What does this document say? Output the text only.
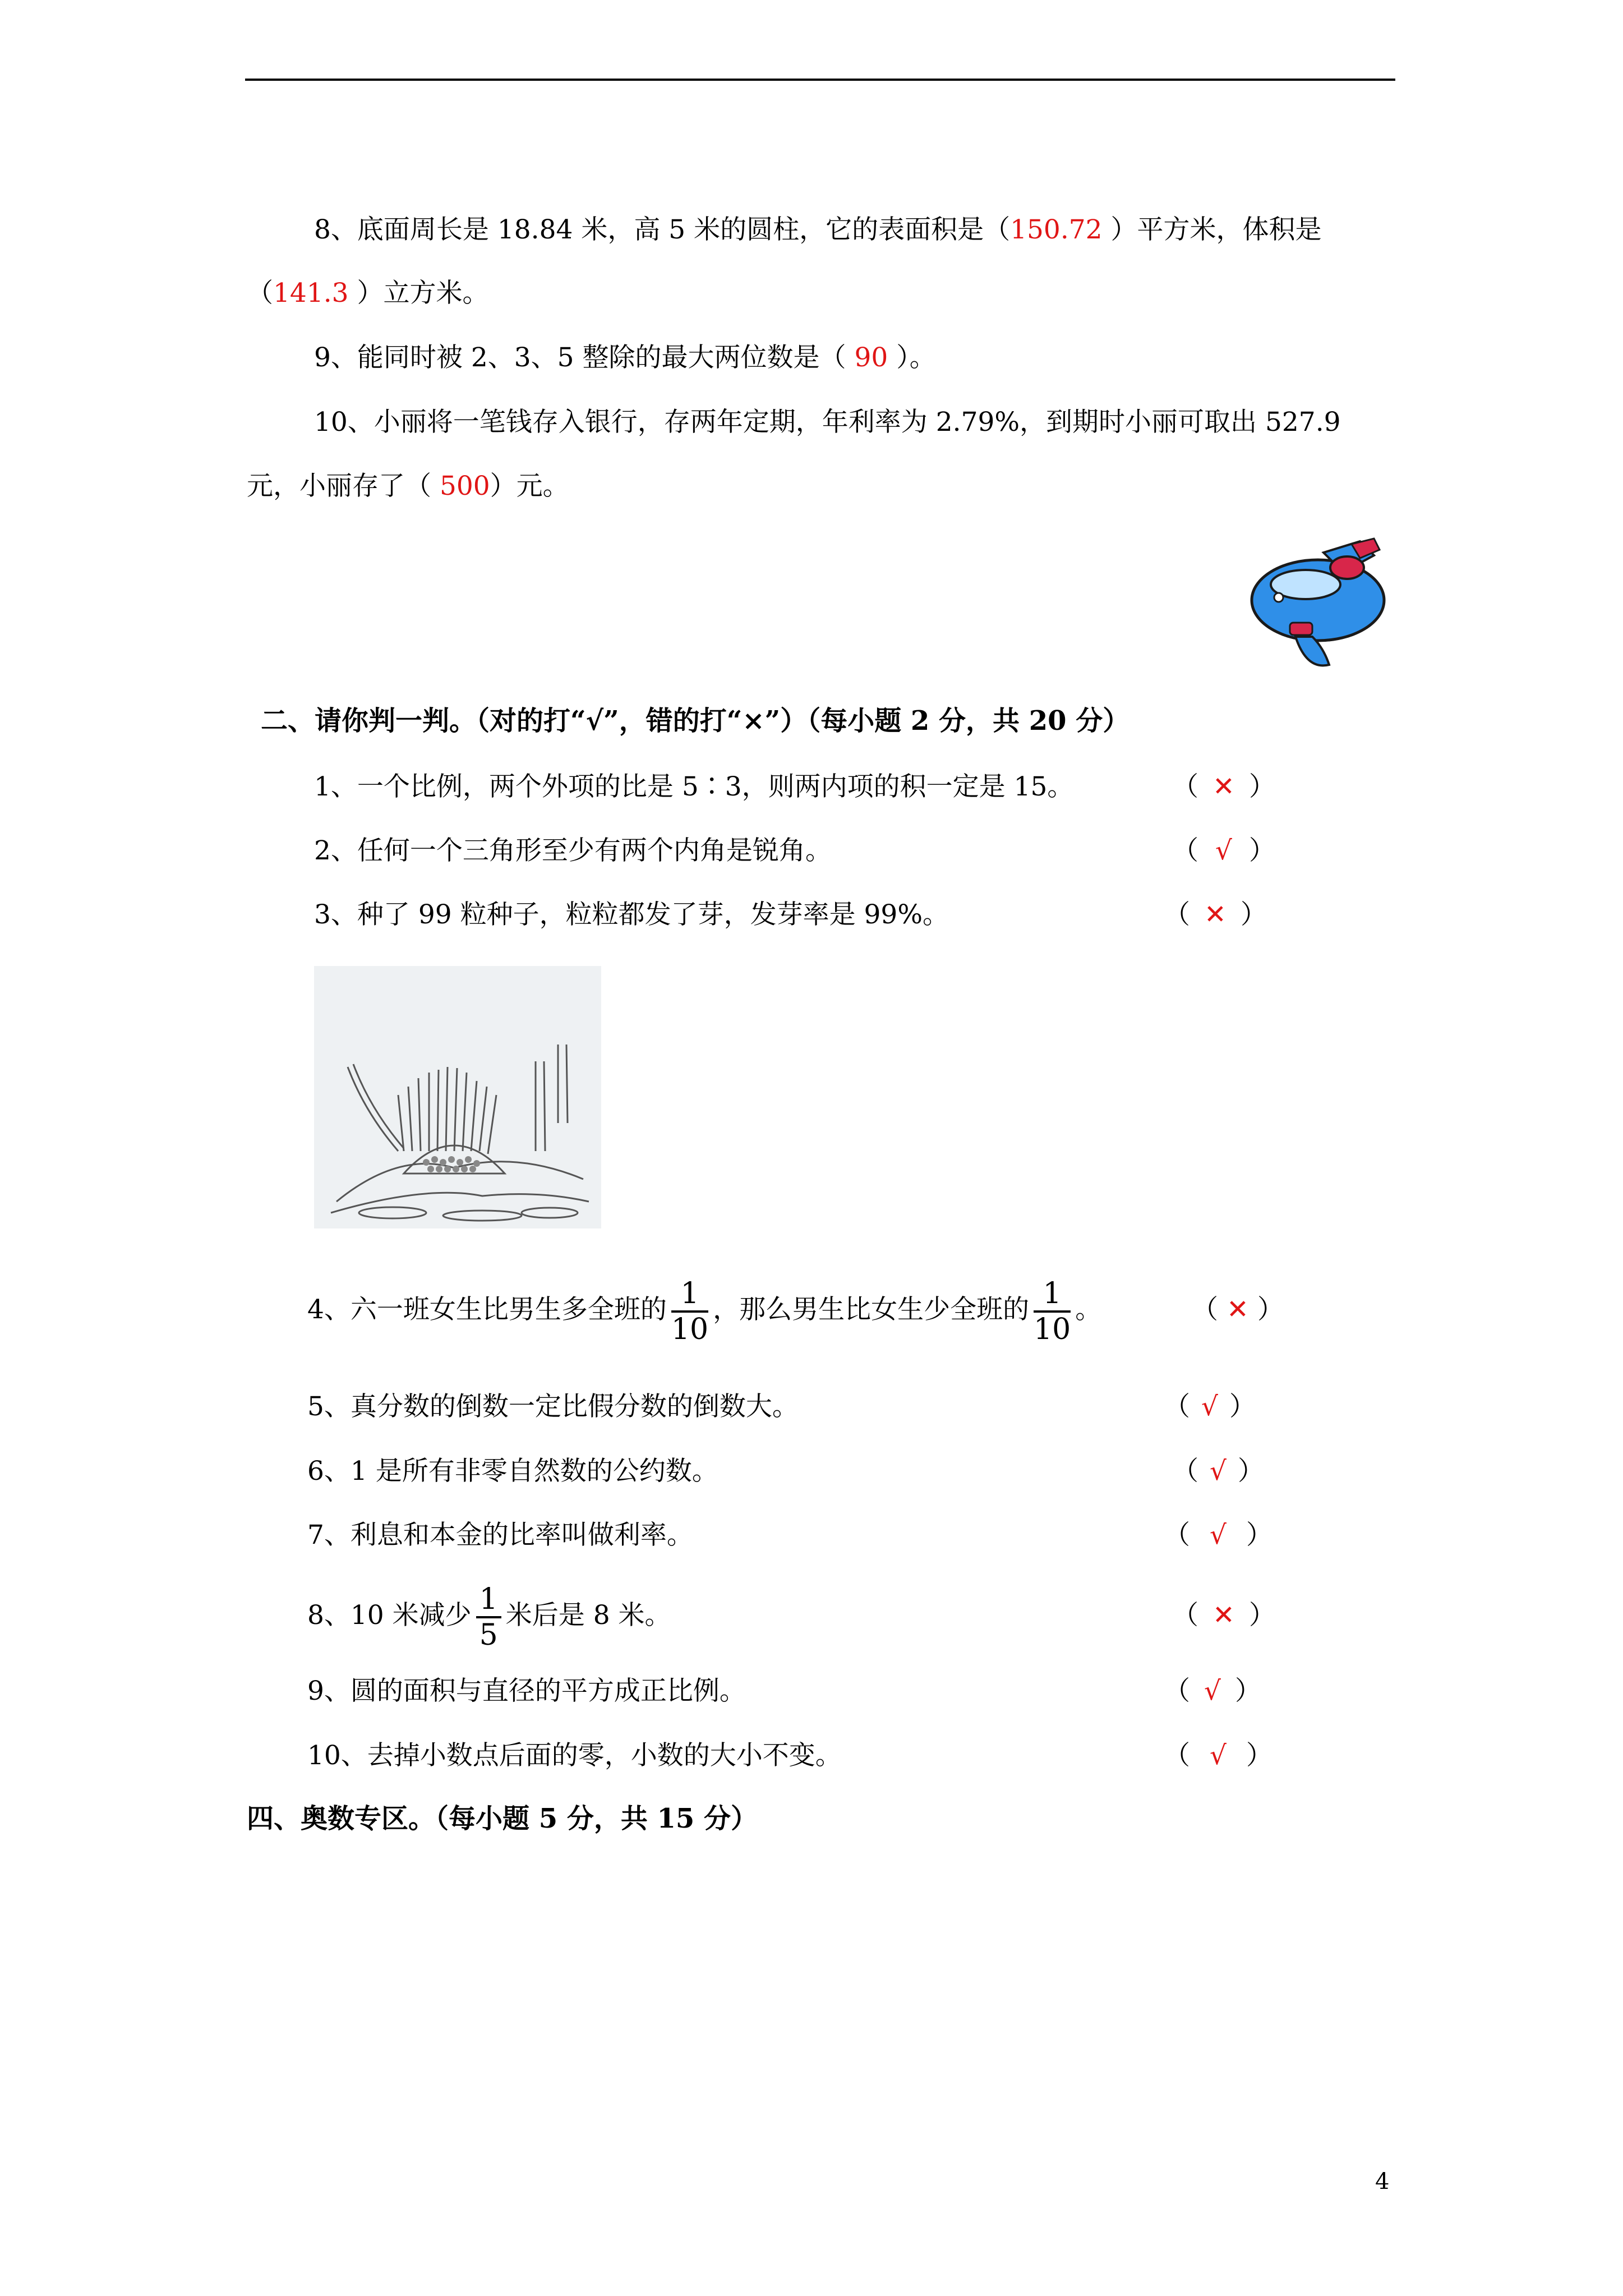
8、底面周长是 18.84 米，高 5 米的圆柱，它的表面积是（150.72 ）平方米，体积是
（141.3 ）立方米。
9、能同时被 2、3、5 整除的最大两位数是（ 90 ）。
10、小丽将一笔钱存入银行，存两年定期，年利率为 2.79%，到期时小丽可取出 527.9
元，小丽存了（ 500）元。
二、请你判一判。（对的打“√”，错的打“×”）（每小题 2 分，共 20 分）
1、一个比例，两个外项的比是 5∶3，则两内项的积一定是 15。	（ ✕ ）
2、任何一个三角形至少有两个内角是锐角。	（ √ ）
3、种了 99 粒种子，粒粒都发了芽，发芽率是 99%。	（ ✕ ）
4、六一班女生比男生多全班的 $\frac{1}{10}$ ，那么男生比女生少全班的 $\frac{1}{10}$ 。	（ ✕ ）
5、真分数的倒数一定比假分数的倒数大。	（ √ ）
6、1 是所有非零自然数的公约数。	（ √ ）
7、利息和本金的比率叫做利率。	（ √ ）
8、10 米减少 $\frac{1}{5}$ 米后是 8 米。	（ ✕ ）
9、圆的面积与直径的平方成正比例。	（ √ ）
10、去掉小数点后面的零，小数的大小不变。	（ √ ）
四、奥数专区。（每小题 5 分，共 15 分）
4
